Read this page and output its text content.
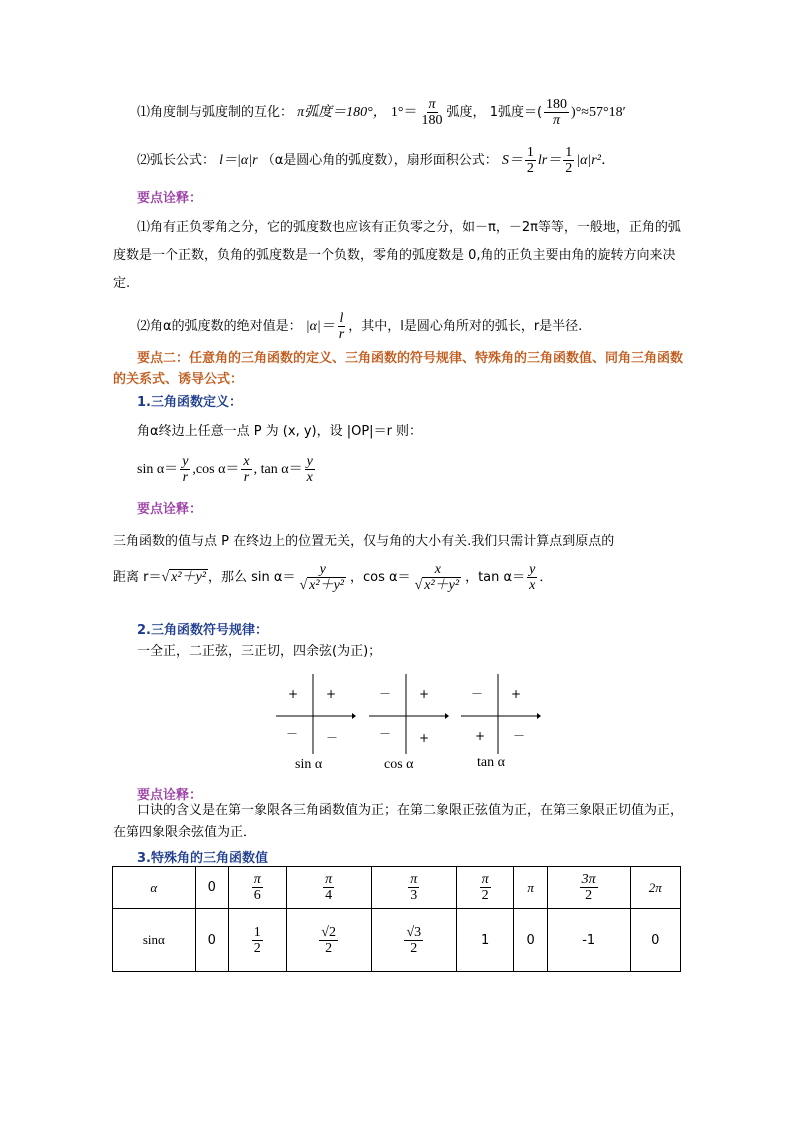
⑴角度制与弧度制的互化： π弧度＝180°， $1^\circ= \frac{\pi}{180}$ 弧度， 1弧度＝( $\frac{180}{\pi} )^\circ\approx 57^\circ 18'$
⑵弧长公式： l＝|α|r （α是圆心角的弧度数），扇形面积公式： $S= \frac{1}{2} lr= \frac{1}{2} |\alpha|r^2$．
要点诠释：
⑴角有正负零角之分，它的弧度数也应该有正负零之分，如－π，－2π等等，一般地，正角的弧度数是一个正数，负角的弧度数是一个负数，零角的弧度数是 0,角的正负主要由角的旋转方向来决定.
⑵角α的弧度数的绝对值是： $|\alpha|= \frac{l}{r}$ ，其中，l是圆心角所对的弧长，r是半径.
要点二：任意角的三角函数的定义、三角函数的符号规律、特殊角的三角函数值、同角三角函数的关系式、诱导公式：
1.三角函数定义：
角α终边上任意一点 P 为 (x, y)，设 |OP|＝r 则：
$\sin \alpha= \frac{y}{r} ,\cos$ $\alpha= \frac{x}{r}$ , $\tan \alpha= \frac{y}{x}$
要点诠释：
三角函数的值与点 P 在终边上的位置无关，仅与角的大小有关.我们只需计算点到原点的
距离 r＝√ x²＋y² ，那么 $\sin \alpha= \frac{y}{\text{√ x²＋y²}}$ ，$\cos \alpha= \frac{x}{\text{√ x²＋y²}}$ ，$\tan \alpha= \frac{y}{x}$ ．
2.三角函数符号规律：
一全正，二正弦，三正切，四余弦(为正)；
+ +
－ －
sin α
－ +
－ +
cos α
－ +
+ －
tan α
要点诠释：
口诀的含义是在第一象限各三角函数值为正；在第二象限正弦值为正，在第三象限正切值为正，在第四象限余弦值为正．
3.特殊角的三角函数值
α	0	$\frac{\pi}{6}$	$\frac{\pi}{4}$	$\frac{\pi}{3}$	$\frac{\pi}{2}$	π	$\frac{3\pi}{2}$	2π
sinα	0	$\frac{1}{2}$	$\frac{√2}{2}$	$\frac{√3}{2}$	1	0	-1	0
